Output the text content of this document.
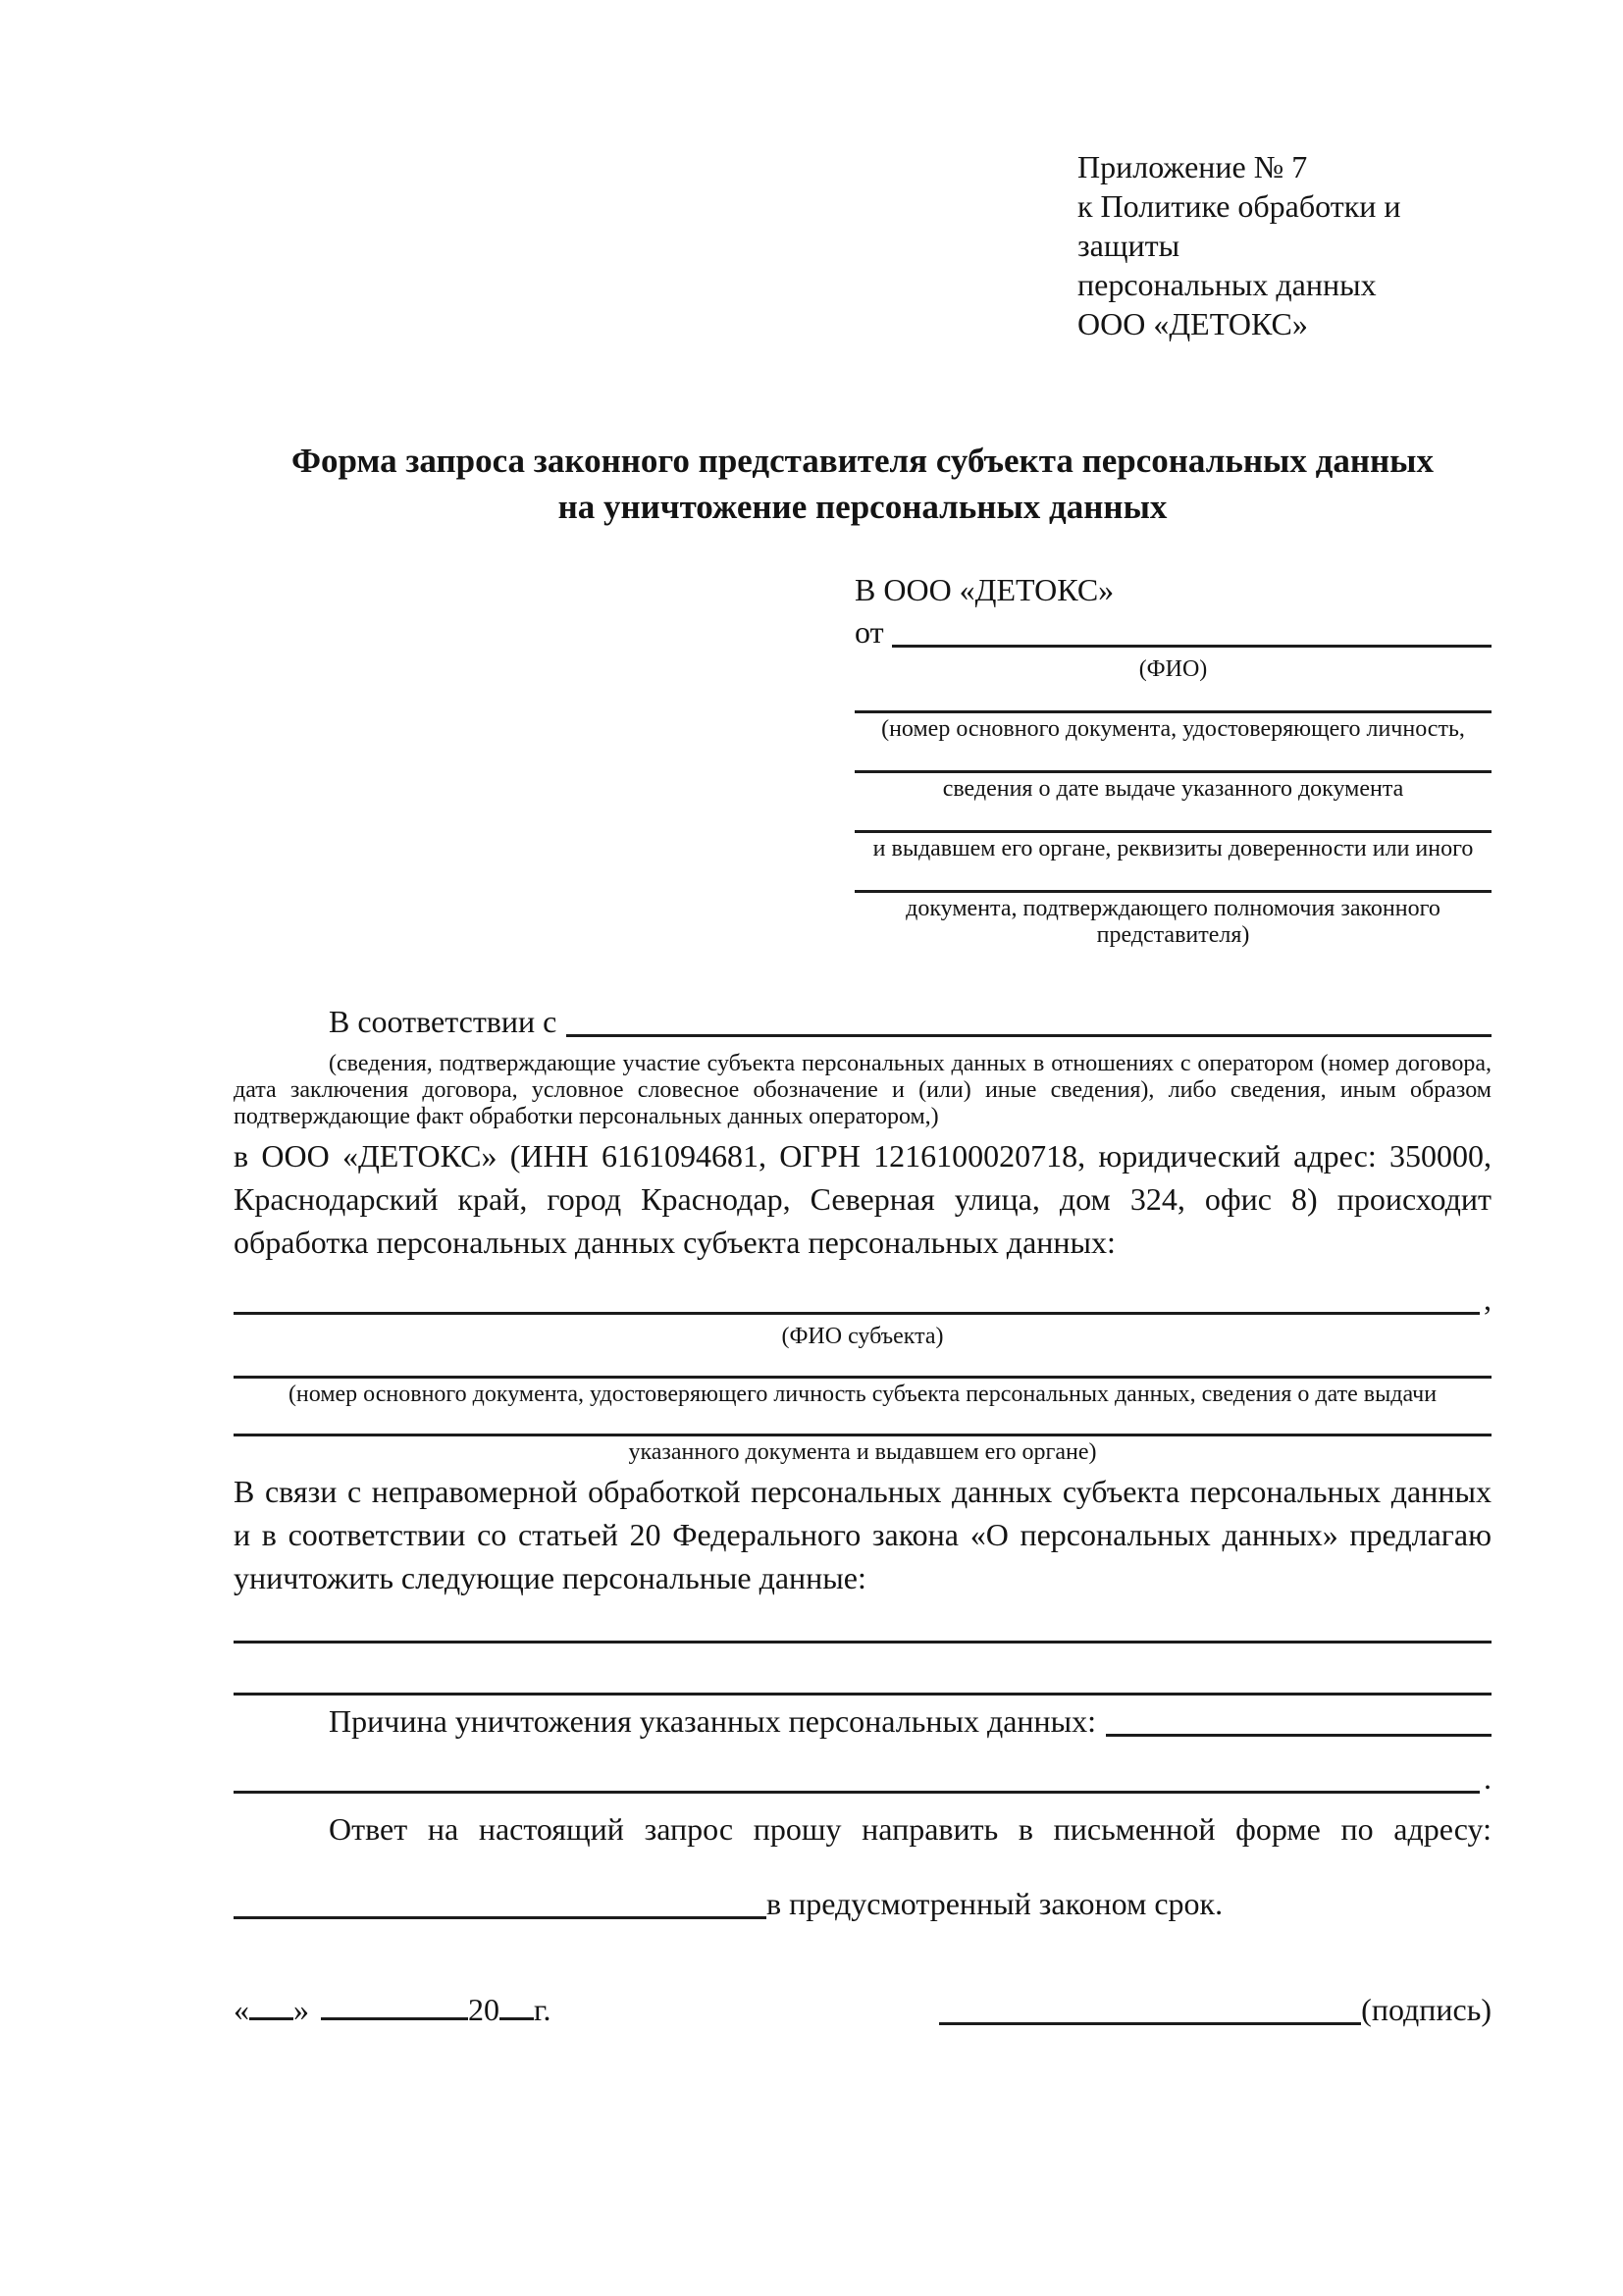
Приложение № 7
к Политике обработки и защиты
персональных данных
ООО «ДЕТОКС»
Форма запроса законного представителя субъекта персональных данных
на уничтожение персональных данных
В ООО «ДЕТОКС»
от
(ФИО)
(номер основного документа, удостоверяющего личность,
сведения о дате выдаче указанного документа
и выдавшем его органе, реквизиты доверенности или иного
документа, подтверждающего полномочия законного представителя)
В соответствии с

(сведения, подтверждающие участие субъекта персональных данных в отношениях с оператором (номер договора, дата заключения договора, условное словесное обозначение и (или) иные сведения), либо сведения, иным образом подтверждающие факт обработки персональных данных оператором,)

в ООО «ДЕТОКС» (ИНН 6161094681, ОГРН 1216100020718, юридический адрес: 350000, Краснодарский край, город Краснодар, Северная улица, дом 324, офис 8) происходит обработка персональных данных субъекта персональных данных:

,
(ФИО субъекта)
(номер основного документа, удостоверяющего личность субъекта персональных данных, сведения о дате выдачи
указанного документа и выдавшем его органе)

В связи с неправомерной обработкой персональных данных субъекта персональных данных и в соответствии со статьей 20 Федерального закона «О персональных данных» предлагаю уничтожить следующие персональные данные:

Причина уничтожения указанных персональных данных:
.

Ответ на настоящий запрос прошу направить в письменной форме по адресу:

в предусмотренный законом срок.
« »	20 г.	(подпись)
